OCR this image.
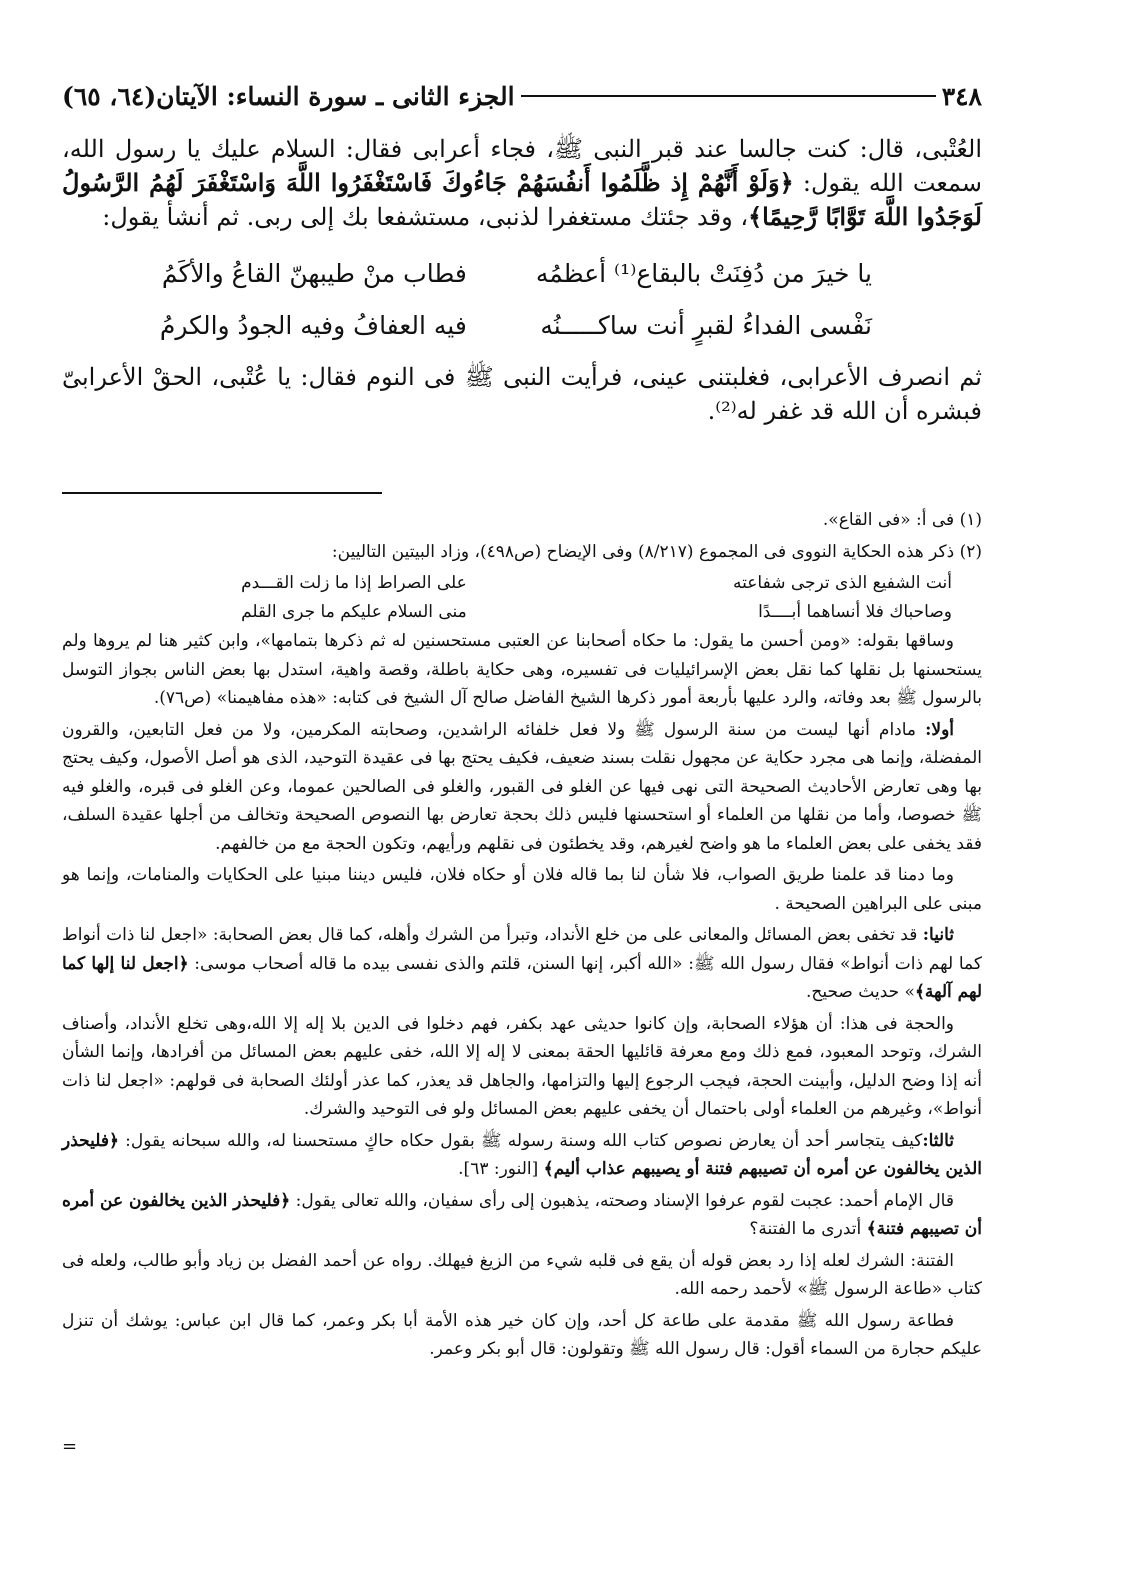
٣٤٨
الجزء الثانى ـ سورة النساء: الآيتان(٦٤، ٦٥)

العُتْبى، قال: كنت جالسا عند قبر النبى ﷺ، فجاء أعرابى فقال: السلام عليك يا رسول الله، سمعت الله يقول: ﴿وَلَوْ أَنَّهُمْ إِذ ظَّلَمُوا أَنفُسَهُمْ جَاءُوكَ فَاسْتَغْفَرُوا اللَّهَ وَاسْتَغْفَرَ لَهُمُ الرَّسُولُ لَوَجَدُوا اللَّهَ تَوَّابًا رَّحِيمًا﴾، وقد جئتك مستغفرا لذنبى، مستشفعا بك إلى ربى. ثم أنشأ يقول:

يا خيرَ من دُفِنَتْ بالبقاع⁽¹⁾ أعظمُه
فطاب منْ طيبهنّ القاعُ والأكَمُ
نَفْسى الفداءُ لقبرٍ أنت ساكـــــنُه
فيه العفافُ وفيه الجودُ والكرمُ

ثم انصرف الأعرابى، فغلبتنى عينى، فرأيت النبى ﷺ فى النوم فقال: يا عُتْبى، الحقْ الأعرابىّ فبشره أن الله قد غفر له⁽²⁾.

(١) فى أ: «فى القاع».

(٢) ذكر هذه الحكاية النووى فى المجموع (٨/٢١٧) وفى الإيضاح (ص٤٩٨)، وزاد البيتين التاليين:

أنت الشفيع الذى ترجى شفاعته
على الصراط إذا ما زلت القـــدم
وصاحباك فلا أنساهما أبــــدًا
منى السلام عليكم ما جرى القلم

وساقها بقوله: «ومن أحسن ما يقول: ما حكاه أصحابنا عن العتبى مستحسنين له ثم ذكرها بتمامها»، وابن كثير هنا لم يروها ولم يستحسنها بل نقلها كما نقل بعض الإسرائيليات فى تفسيره، وهى حكاية باطلة، وقصة واهية، استدل بها بعض الناس بجواز التوسل بالرسول ﷺ بعد وفاته، والرد عليها بأربعة أمور ذكرها الشيخ الفاضل صالح آل الشيخ فى كتابه: «هذه مفاهيمنا» (ص٧٦).

أولا: مادام أنها ليست من سنة الرسول ﷺ ولا فعل خلفائه الراشدين، وصحابته المكرمين، ولا من فعل التابعين، والقرون المفضلة، وإنما هى مجرد حكاية عن مجهول نقلت بسند ضعيف، فكيف يحتج بها فى عقيدة التوحيد، الذى هو أصل الأصول، وكيف يحتج بها وهى تعارض الأحاديث الصحيحة التى نهى فيها عن الغلو فى القبور، والغلو فى الصالحين عموما، وعن الغلو فى قبره، والغلو فيه ﷺ خصوصا، وأما من نقلها من العلماء أو استحسنها فليس ذلك بحجة تعارض بها النصوص الصحيحة وتخالف من أجلها عقيدة السلف، فقد يخفى على بعض العلماء ما هو واضح لغيرهم، وقد يخطئون فى نقلهم ورأيهم، وتكون الحجة مع من خالفهم.

وما دمنا قد علمنا طريق الصواب، فلا شأن لنا بما قاله فلان أو حكاه فلان، فليس ديننا مبنيا على الحكايات والمنامات، وإنما هو مبنى على البراهين الصحيحة .

ثانيا: قد تخفى بعض المسائل والمعانى على من خلع الأنداد، وتبرأ من الشرك وأهله، كما قال بعض الصحابة: «اجعل لنا ذات أنواط كما لهم ذات أنواط» فقال رسول الله ﷺ: «الله أكبر، إنها السنن، قلتم والذى نفسى بيده ما قاله أصحاب موسى: ﴿اجعل لنا إلها كما لهم آلهة﴾» حديث صحيح.

والحجة فى هذا: أن هؤلاء الصحابة، وإن كانوا حديثى عهد بكفر، فهم دخلوا فى الدين بلا إله إلا الله،وهى تخلع الأنداد، وأصناف الشرك، وتوحد المعبود، فمع ذلك ومع معرفة قائليها الحقة بمعنى لا إله إلا الله، خفى عليهم بعض المسائل من أفرادها، وإنما الشأن أنه إذا وضح الدليل، وأبينت الحجة، فيجب الرجوع إليها والتزامها، والجاهل قد يعذر، كما عذر أولئك الصحابة فى قولهم: «اجعل لنا ذات أنواط»، وغيرهم من العلماء أولى باحتمال أن يخفى عليهم بعض المسائل ولو فى التوحيد والشرك.

ثالثا:كيف يتجاسر أحد أن يعارض نصوص كتاب الله وسنة رسوله ﷺ بقول حكاه حاكٍ مستحسنا له، والله سبحانه يقول: ﴿فليحذر الذين يخالفون عن أمره أن تصيبهم فتنة أو يصيبهم عذاب أليم﴾ [النور: ٦٣].

قال الإمام أحمد: عجبت لقوم عرفوا الإسناد وصحته، يذهبون إلى رأى سفيان، والله تعالى يقول: ﴿فليحذر الذين يخالفون عن أمره أن تصيبهم فتنة﴾ أتدرى ما الفتنة؟

الفتنة: الشرك لعله إذا رد بعض قوله أن يقع فى قلبه شيء من الزيغ فيهلك. رواه عن أحمد الفضل بن زياد وأبو طالب، ولعله فى كتاب «طاعة الرسول ﷺ» لأحمد رحمه الله.

فطاعة رسول الله ﷺ مقدمة على طاعة كل أحد، وإن كان خير هذه الأمة أبا بكر وعمر، كما قال ابن عباس: يوشك أن تنزل عليكم حجارة من السماء أقول: قال رسول الله ﷺ وتقولون: قال أبو بكر وعمر.

=
